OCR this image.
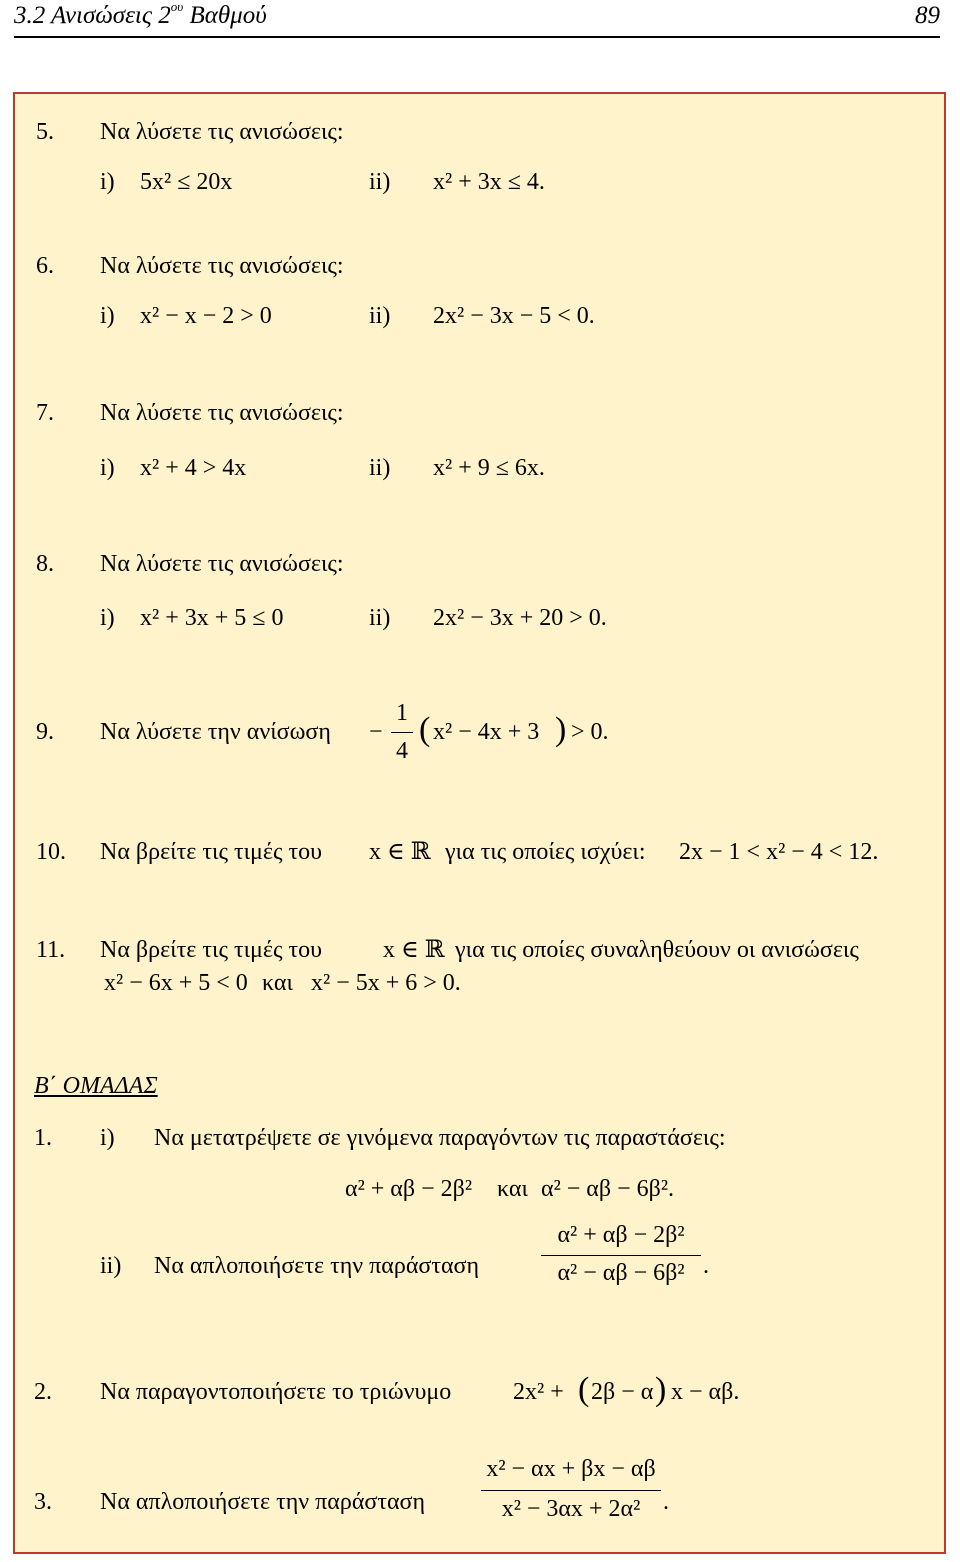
3.2 Ανισώσεις $2^{o\upsilon}$ Βαθμού	89
5. Να λύσετε τις ανισώσεις:
i) 5x² ≤ 20x	ii) x² + 3x ≤ 4.
6. Να λύσετε τις ανισώσεις:
i) x² − x − 2 > 0	ii) 2x² − 3x − 5 < 0.
7. Να λύσετε τις ανισώσεις:
i) x² + 4 > 4x	ii) x² + 9 ≤ 6x.
8. Να λύσετε τις ανισώσεις:
i) x² + 3x + 5 ≤ 0	ii) 2x² − 3x + 20 > 0.
9. Να λύσετε την ανίσωση −
1
4
( x² − 4x + 3 ) > 0.
10. Να βρείτε τις τιμές του x ∈ ℝ για τις οποίες ισχύει: 2x − 1 < x² − 4 < 12.
11. Να βρείτε τις τιμές του	x ∈ ℝ για τις οποίες συναληθεύουν οι ανισώσεις
x² − 6x + 5 < 0 και x² − 5x + 6 > 0.
Β΄ ΟΜΑΔΑΣ
1. i) Να μετατρέψετε σε γινόμενα παραγόντων τις παραστάσεις:
α² + αβ − 2β² και α² − αβ − 6β².
ii) Να απλοποιήσετε την παράσταση
α² + αβ − 2β²
α² − αβ − 6β² .
2. Να παραγοντοποιήσετε το τριώνυμο	2x² + ( 2β − α ) x − αβ.
3. Να απλοποιήσετε την παράσταση
x² − αx + βx − αβ
x² − 3αx + 2α² .
